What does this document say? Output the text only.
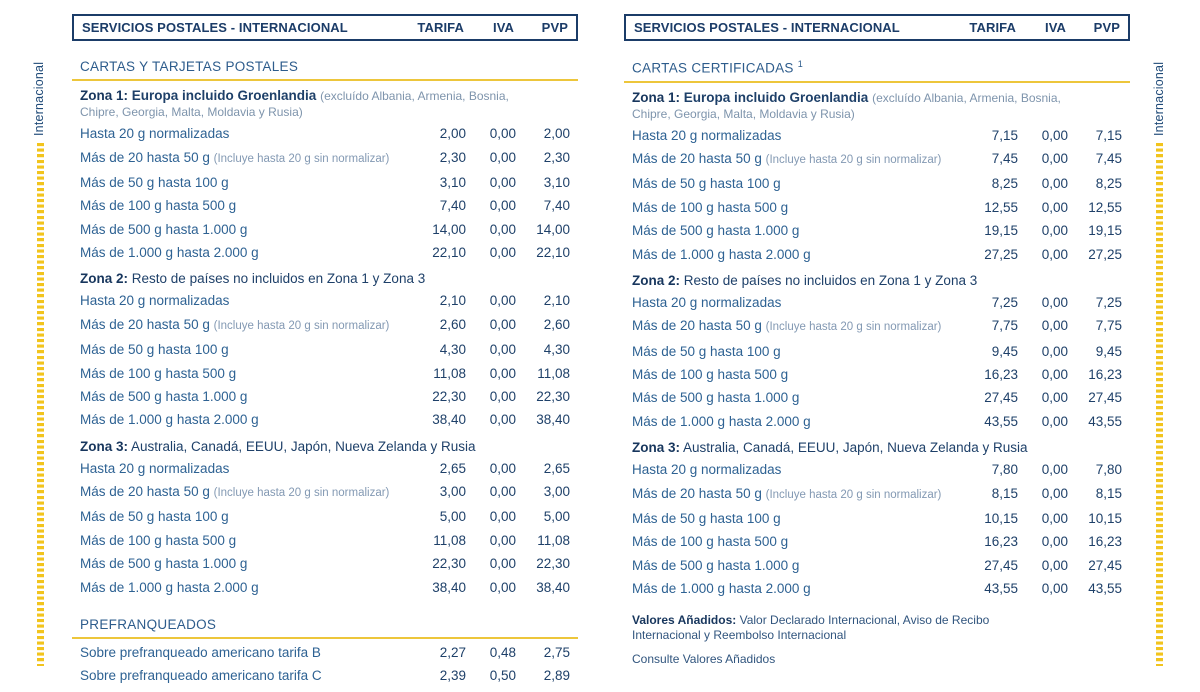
Internacional
SERVICIOS POSTALES - INTERNACIONAL	TARIFA	IVA	PVP
CARTAS Y TARJETAS POSTALES

Zona 1: Europa incluido Groenlandia (excluído Albania, Armenia, Bosnia, Chipre, Georgia, Malta, Moldavia y Rusia)

Hasta 20 g normalizadas	2,00	0,00	2,00
Más de 20 hasta 50 g (Incluye hasta 20 g sin normalizar)	2,30	0,00	2,30
Más de 50 g hasta 100 g	3,10	0,00	3,10
Más de 100 g hasta 500 g	7,40	0,00	7,40
Más de 500 g hasta 1.000 g	14,00	0,00	14,00
Más de 1.000 g hasta 2.000 g	22,10	0,00	22,10

Zona 2: Resto de países no incluidos en Zona 1 y Zona 3

Hasta 20 g normalizadas	2,10	0,00	2,10
Más de 20 hasta 50 g (Incluye hasta 20 g sin normalizar)	2,60	0,00	2,60
Más de 50 g hasta 100 g	4,30	0,00	4,30
Más de 100 g hasta 500 g	11,08	0,00	11,08
Más de 500 g hasta 1.000 g	22,30	0,00	22,30
Más de 1.000 g hasta 2.000 g	38,40	0,00	38,40

Zona 3: Australia, Canadá, EEUU, Japón, Nueva Zelanda y Rusia

Hasta 20 g normalizadas	2,65	0,00	2,65
Más de 20 hasta 50 g (Incluye hasta 20 g sin normalizar)	3,00	0,00	3,00
Más de 50 g hasta 100 g	5,00	0,00	5,00
Más de 100 g hasta 500 g	11,08	0,00	11,08
Más de 500 g hasta 1.000 g	22,30	0,00	22,30
Más de 1.000 g hasta 2.000 g	38,40	0,00	38,40
PREFRANQUEADOS
Sobre prefranqueado americano tarifa B	2,27	0,48	2,75
Sobre prefranqueado americano tarifa C	2,39	0,50	2,89
SERVICIOS POSTALES - INTERNACIONAL	TARIFA	IVA	PVP
CARTAS CERTIFICADAS $^1$

Zona 1: Europa incluido Groenlandia (excluído Albania, Armenia, Bosnia, Chipre, Georgia, Malta, Moldavia y Rusia)

Hasta 20 g normalizadas	7,15	0,00	7,15
Más de 20 hasta 50 g (Incluye hasta 20 g sin normalizar)	7,45	0,00	7,45
Más de 50 g hasta 100 g	8,25	0,00	8,25
Más de 100 g hasta 500 g	12,55	0,00	12,55
Más de 500 g hasta 1.000 g	19,15	0,00	19,15
Más de 1.000 g hasta 2.000 g	27,25	0,00	27,25

Zona 2: Resto de países no incluidos en Zona 1 y Zona 3

Hasta 20 g normalizadas	7,25	0,00	7,25
Más de 20 hasta 50 g (Incluye hasta 20 g sin normalizar)	7,75	0,00	7,75
Más de 50 g hasta 100 g	9,45	0,00	9,45
Más de 100 g hasta 500 g	16,23	0,00	16,23
Más de 500 g hasta 1.000 g	27,45	0,00	27,45
Más de 1.000 g hasta 2.000 g	43,55	0,00	43,55

Zona 3: Australia, Canadá, EEUU, Japón, Nueva Zelanda y Rusia

Hasta 20 g normalizadas	7,80	0,00	7,80
Más de 20 hasta 50 g (Incluye hasta 20 g sin normalizar)	8,15	0,00	8,15
Más de 50 g hasta 100 g	10,15	0,00	10,15
Más de 100 g hasta 500 g	16,23	0,00	16,23
Más de 500 g hasta 1.000 g	27,45	0,00	27,45
Más de 1.000 g hasta 2.000 g	43,55	0,00	43,55

Valores Añadidos: Valor Declarado Internacional, Aviso de Recibo Internacional y Reembolso Internacional

Consulte Valores Añadidos

Internacional
